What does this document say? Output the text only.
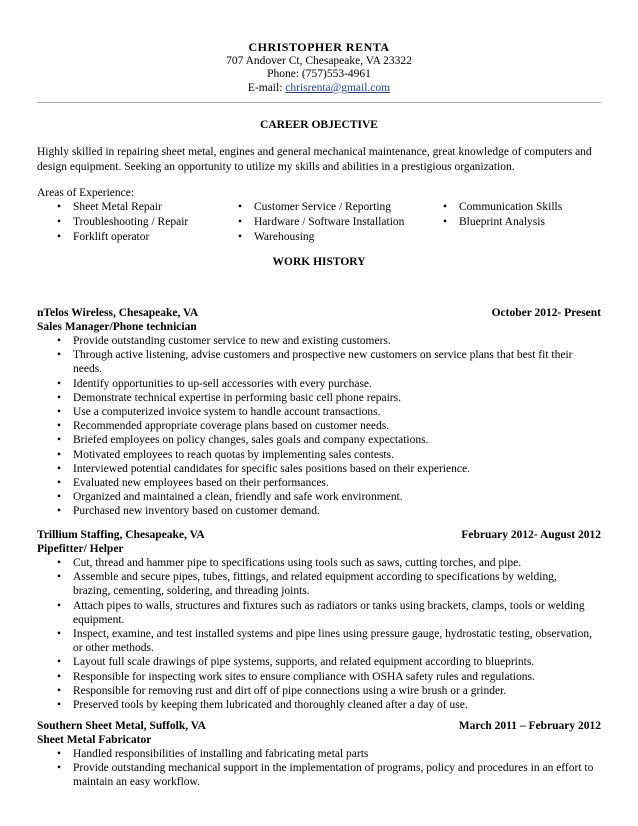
CHRISTOPHER RENTA
707 Andover Ct, Chesapeake, VA 23322
Phone: (757)553-4961
E-mail: chrisrenta@gmail.com
CAREER OBJECTIVE
Highly skilled in repairing sheet metal, engines and general mechanical maintenance, great knowledge of computers and design equipment. Seeking an opportunity to utilize my skills and abilities in a prestigious organization.
Areas of Experience:
• Sheet Metal Repair
• Troubleshooting / Repair
• Forklift operator
• Customer Service / Reporting
• Hardware / Software Installation
• Warehousing
• Communication Skills
• Blueprint Analysis
WORK HISTORY
nTelos Wireless, Chesapeake, VA	October 2012- Present
Sales Manager/Phone technician
• Provide outstanding customer service to new and existing customers.
• Through active listening, advise customers and prospective new customers on service plans that best fit their needs.
• Identify opportunities to up-sell accessories with every purchase.
• Demonstrate technical expertise in performing basic cell phone repairs.
• Use a computerized invoice system to handle account transactions.
• Recommended appropriate coverage plans based on customer needs.
• Briefed employees on policy changes, sales goals and company expectations.
• Motivated employees to reach quotas by implementing sales contests.
• Interviewed potential candidates for specific sales positions based on their experience.
• Evaluated new employees based on their performances.
• Organized and maintained a clean, friendly and safe work environment.
• Purchased new inventory based on customer demand.
Trillium Staffing, Chesapeake, VA	February 2012- August 2012
Pipefitter/ Helper
• Cut, thread and hammer pipe to specifications using tools such as saws, cutting torches, and pipe.
• Assemble and secure pipes, tubes, fittings, and related equipment according to specifications by welding, brazing, cementing, soldering, and threading joints.
• Attach pipes to walls, structures and fixtures such as radiators or tanks using brackets, clamps, tools or welding equipment.
• Inspect, examine, and test installed systems and pipe lines using pressure gauge, hydrostatic testing, observation, or other methods.
• Layout full scale drawings of pipe systems, supports, and related equipment according to blueprints.
• Responsible for inspecting work sites to ensure compliance with OSHA safety rules and regulations.
• Responsible for removing rust and dirt off of pipe connections using a wire brush or a grinder.
• Preserved tools by keeping them lubricated and thoroughly cleaned after a day of use.
Southern Sheet Metal, Suffolk, VA	March 2011 – February 2012
Sheet Metal Fabricator
• Handled responsibilities of installing and fabricating metal parts
• Provide outstanding mechanical support in the implementation of programs, policy and procedures in an effort to maintain an easy workflow.
